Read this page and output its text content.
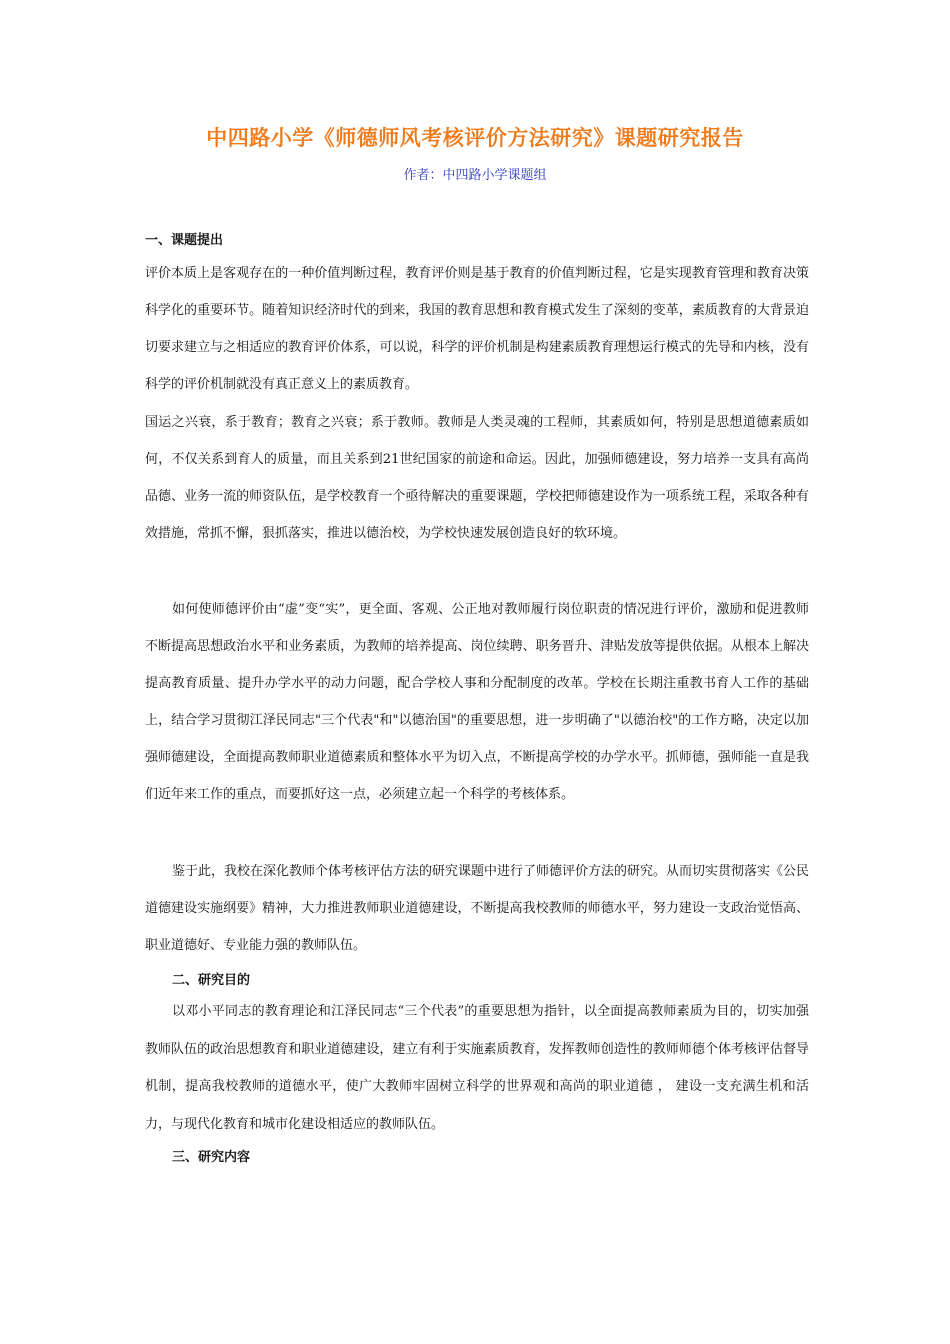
中四路小学《师德师风考核评价方法研究》课题研究报告
作者：中四路小学课题组
一、课题提出

评价本质上是客观存在的一种价值判断过程，教育评价则是基于教育的价值判断过程，它是实现教育管理和教育决策科学化的重要环节。随着知识经济时代的到来，我国的教育思想和教育模式发生了深刻的变革，素质教育的大背景迫切要求建立与之相适应的教育评价体系，可以说，科学的评价机制是构建素质教育理想运行模式的先导和内核，没有科学的评价机制就没有真正意义上的素质教育。

国运之兴衰，系于教育；教育之兴衰；系于教师。教师是人类灵魂的工程师，其素质如何，特别是思想道德素质如何，不仅关系到育人的质量，而且关系到21世纪国家的前途和命运。因此，加强师德建设，努力培养一支具有高尚品德、业务一流的师资队伍，是学校教育一个亟待解决的重要课题，学校把师德建设作为一项系统工程，采取各种有效措施，常抓不懈，狠抓落实，推进以德治校，为学校快速发展创造良好的软环境。

如何使师德评价由“虚”变“实”，更全面、客观、公正地对教师履行岗位职责的情况进行评价，激励和促进教师不断提高思想政治水平和业务素质，为教师的培养提高、岗位续聘、职务晋升、津贴发放等提供依据。从根本上解决提高教育质量、提升办学水平的动力问题，配合学校人事和分配制度的改革。学校在长期注重教书育人工作的基础上，结合学习贯彻江泽民同志"三个代表"和"以德治国"的重要思想，进一步明确了"以德治校"的工作方略，决定以加强师德建设，全面提高教师职业道德素质和整体水平为切入点，不断提高学校的办学水平。抓师德，强师能一直是我们近年来工作的重点，而要抓好这一点，必须建立起一个科学的考核体系。

鉴于此，我校在深化教师个体考核评估方法的研究课题中进行了师德评价方法的研究。从而切实贯彻落实《公民道德建设实施纲要》精神，大力推进教师职业道德建设，不断提高我校教师的师德水平，努力建设一支政治觉悟高、职业道德好、专业能力强的教师队伍。

二、研究目的

以邓小平同志的教育理论和江泽民同志“三个代表”的重要思想为指针，以全面提高教师素质为目的，切实加强教师队伍的政治思想教育和职业道德建设，建立有利于实施素质教育，发挥教师创造性的教师师德个体考核评估督导机制，提高我校教师的道德水平，使广大教师牢固树立科学的世界观和高尚的职业道德 ， 建设一支充满生机和活力，与现代化教育和城市化建设相适应的教师队伍。

三、研究内容
